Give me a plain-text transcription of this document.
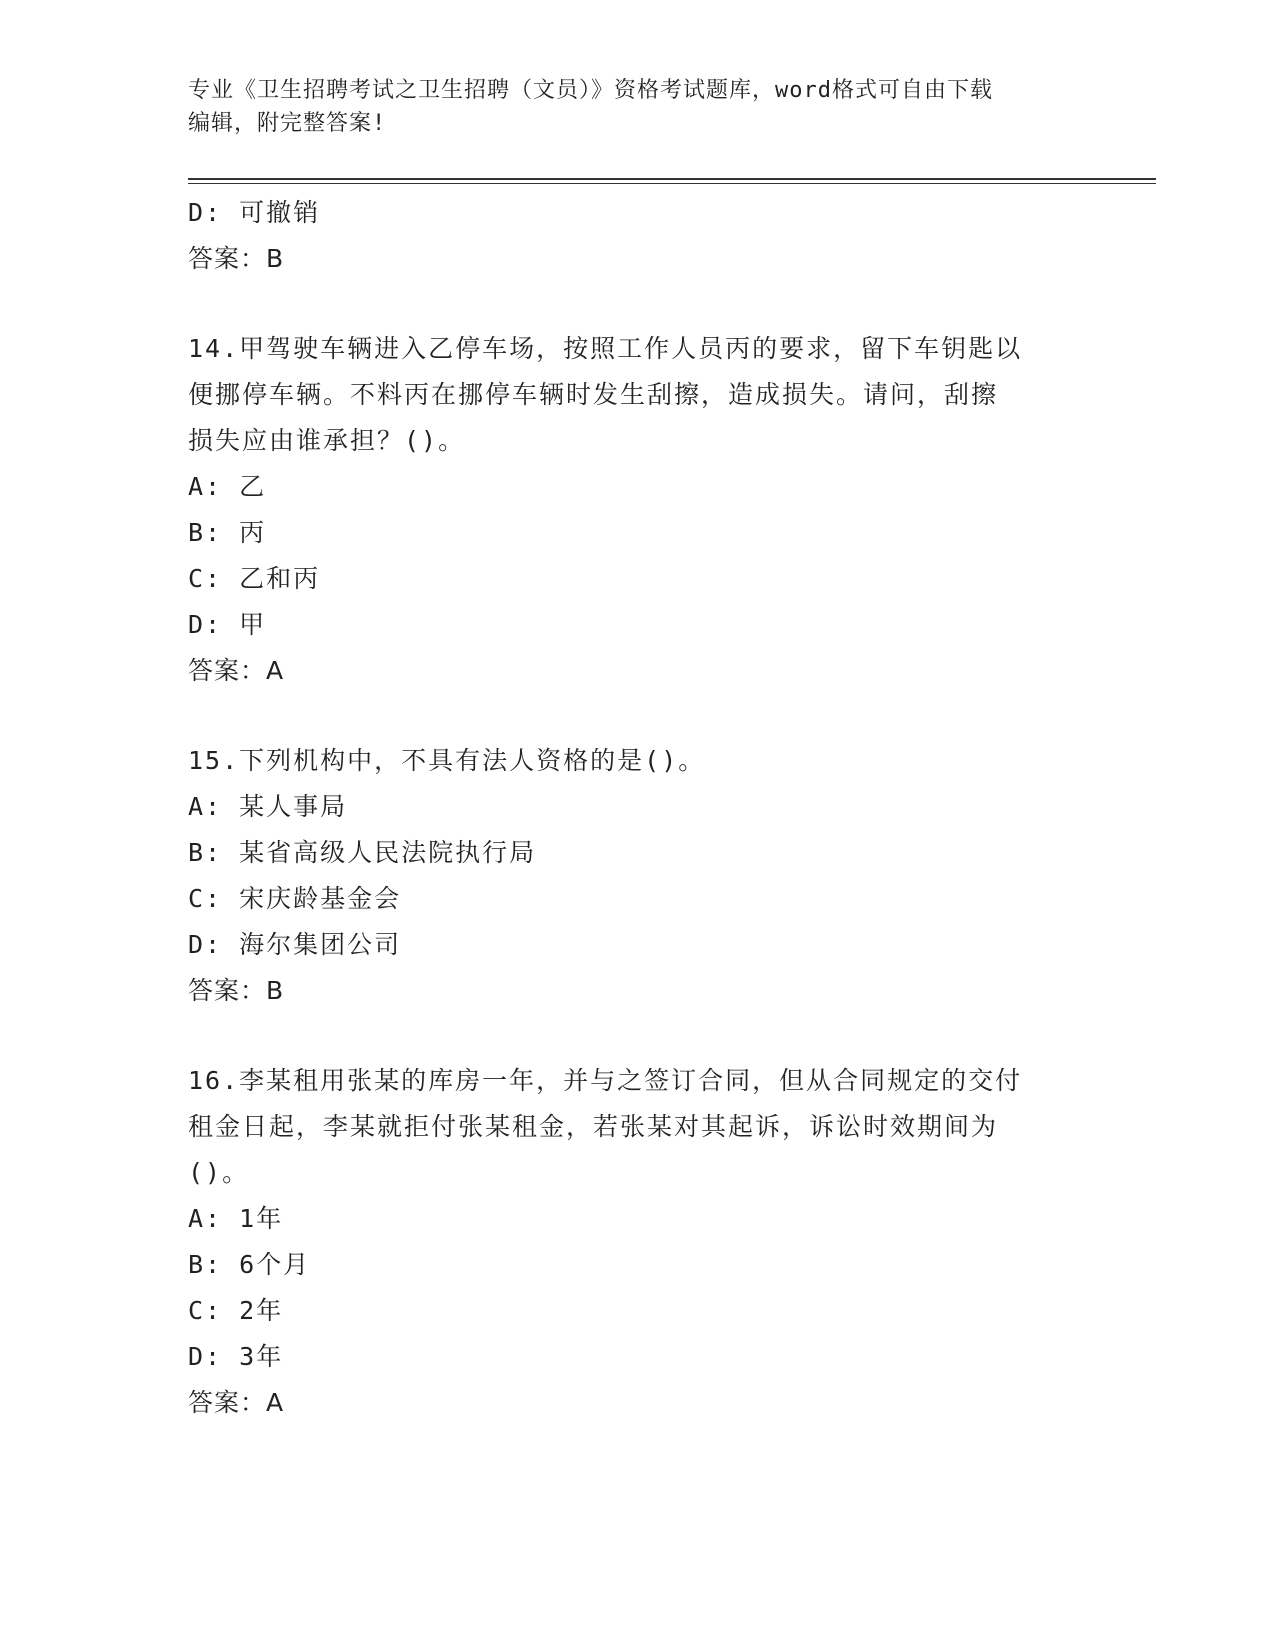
专业《卫生招聘考试之卫生招聘（文员）》资格考试题库，word格式可自由下载
编辑，附完整答案!
D: 可撤销
答案：B
14.甲驾驶车辆进入乙停车场，按照工作人员丙的要求，留下车钥匙以
便挪停车辆。不料丙在挪停车辆时发生刮擦，造成损失。请问，刮擦
损失应由谁承担？()。
A: 乙
B: 丙
C: 乙和丙
D: 甲
答案：A
15.下列机构中，不具有法人资格的是()。
A: 某人事局
B: 某省高级人民法院执行局
C: 宋庆龄基金会
D: 海尔集团公司
答案：B
16.李某租用张某的库房一年，并与之签订合同，但从合同规定的交付
租金日起，李某就拒付张某租金，若张某对其起诉，诉讼时效期间为
()。
A: 1年
B: 6个月
C: 2年
D: 3年
答案：A
